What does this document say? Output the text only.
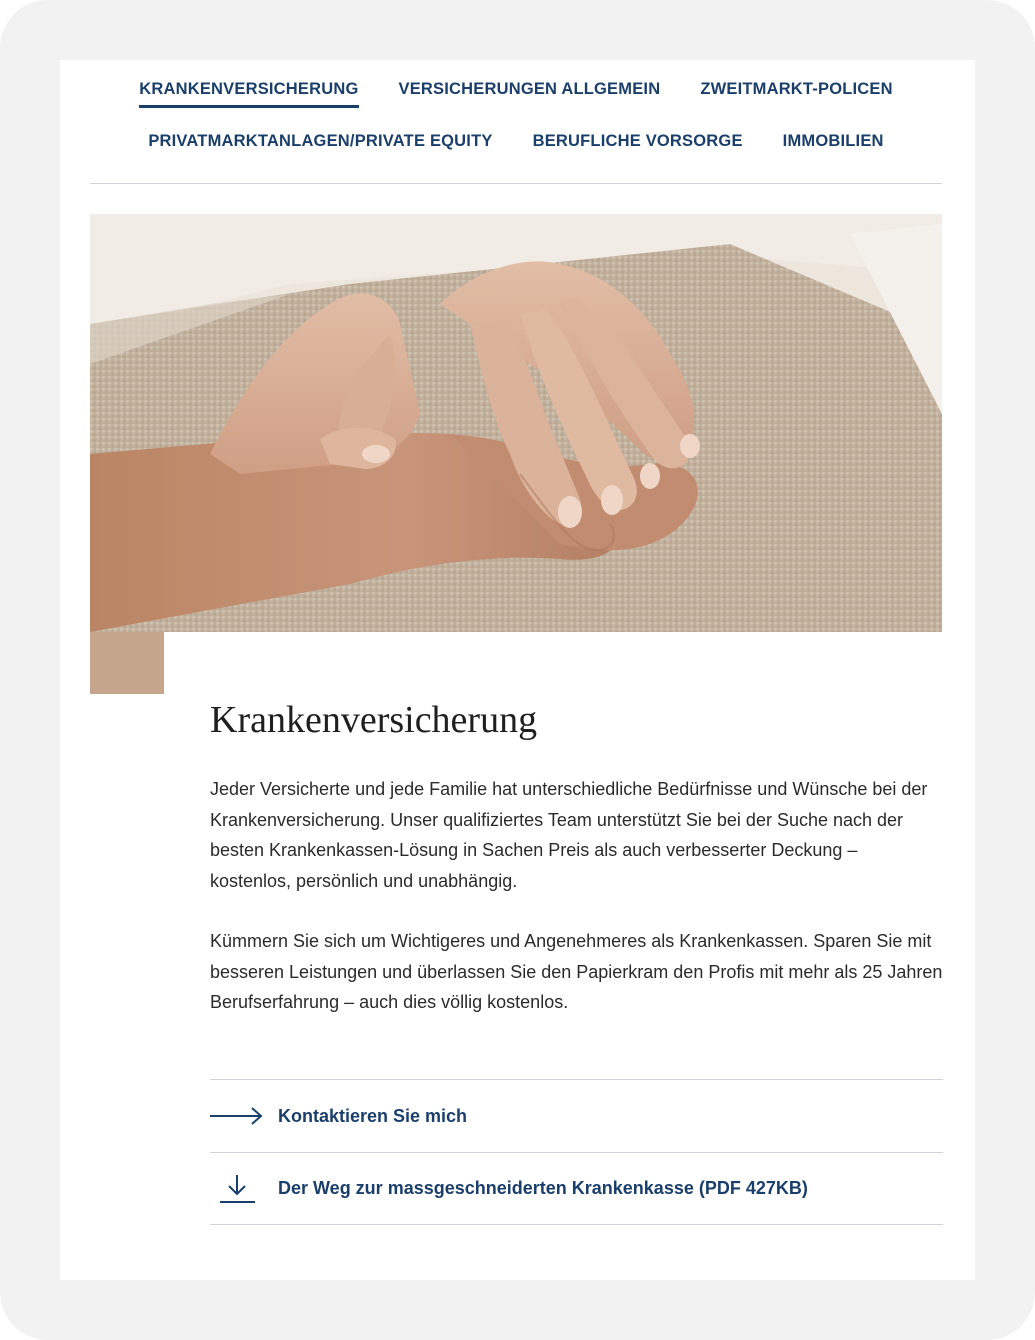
KRANKENVERSICHERUNG VERSICHERUNGEN ALLGEMEIN ZWEITMARKT-POLICEN
PRIVATMARKTANLAGEN/PRIVATE EQUITY BERUFLICHE VORSORGE IMMOBILIEN
Krankenversicherung

Jeder Versicherte und jede Familie hat unterschiedliche Bedürfnisse und Wünsche bei der Krankenversicherung. Unser qualifiziertes Team unterstützt Sie bei der Suche nach der besten Krankenkassen-Lösung in Sachen Preis als auch verbesserter Deckung – kostenlos, persönlich und unabhängig.

Kümmern Sie sich um Wichtigeres und Angenehmeres als Krankenkassen. Sparen Sie mit besseren Leistungen und überlassen Sie den Papierkram den Profis mit mehr als 25 Jahren Berufserfahrung – auch dies völlig kostenlos.

Kontaktieren Sie mich
Der Weg zur massgeschneiderten Krankenkasse (PDF 427KB)
